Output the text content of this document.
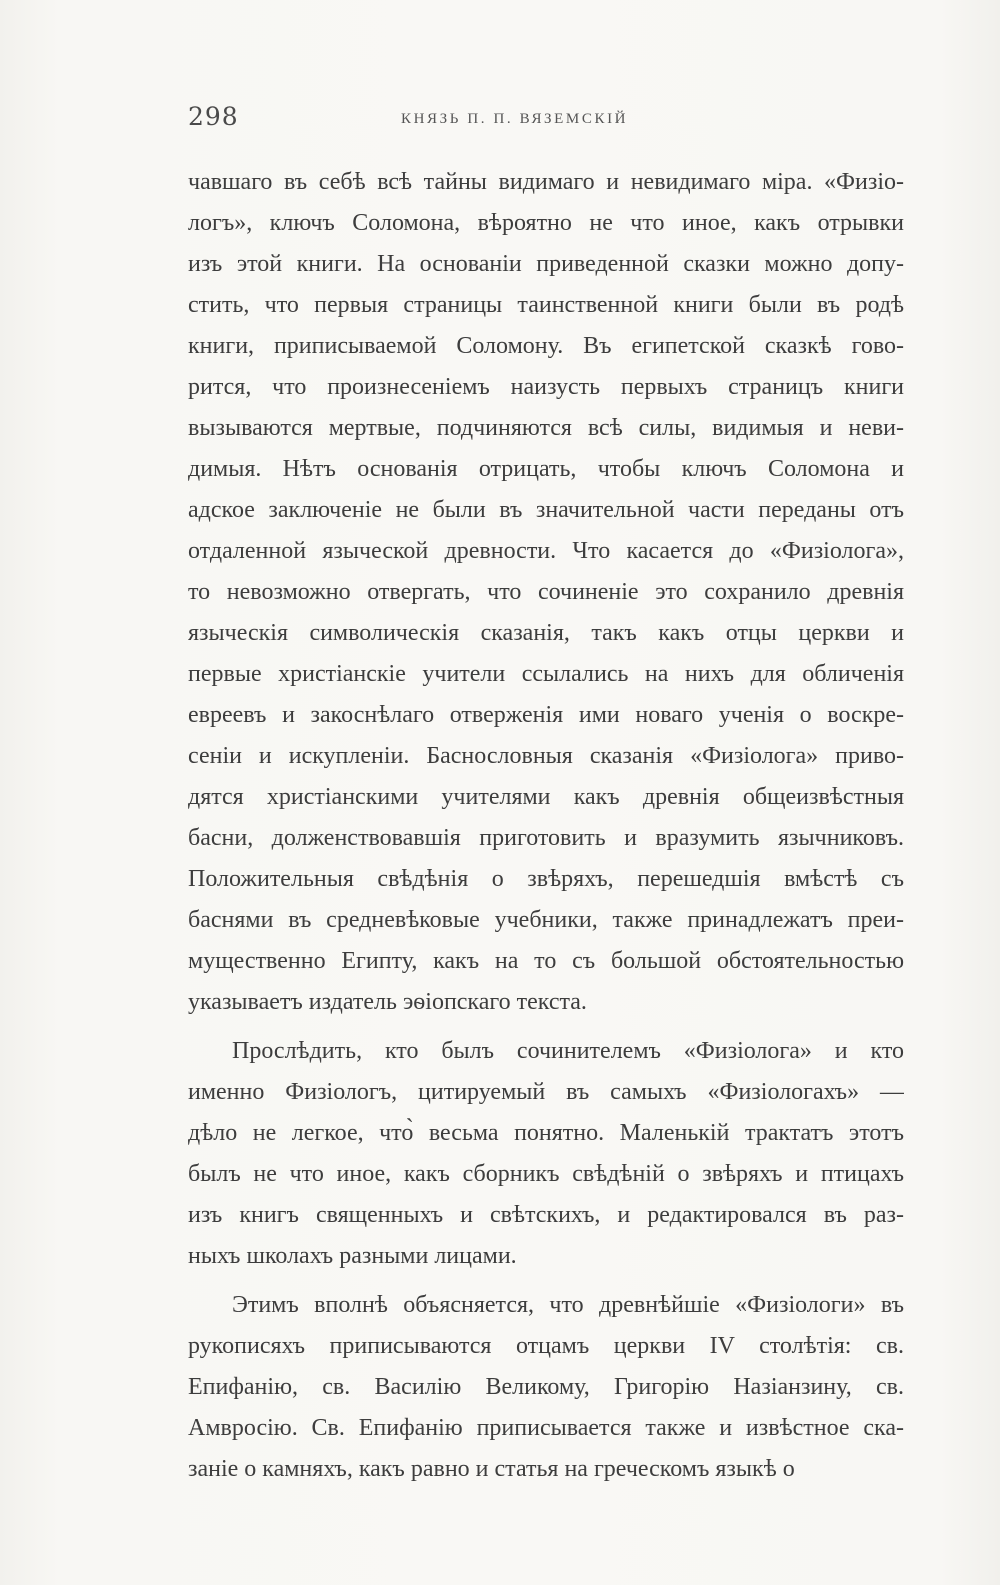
298	КНЯЗЬ П. П. ВЯЗЕМСКІЙ
чавшаго въ себѣ всѣ тайны видимаго и невидимаго міра. «Физіо-
логъ», ключъ Соломона, вѣроятно не что иное, какъ отрывки
изъ этой книги. На основаніи приведенной сказки можно допу-
стить, что первыя страницы таинственной книги были въ родѣ
книги, приписываемой Соломону. Въ египетской сказкѣ гово-
рится, что произнесеніемъ наизусть первыхъ страницъ книги
вызываются мертвые, подчиняются всѣ силы, видимыя и неви-
димыя. Нѣтъ основанія отрицать, чтобы ключъ Соломона и
адское заключеніе не были въ значительной части переданы отъ
отдаленной языческой древности. Что касается до «Физіолога»,
то невозможно отвергать, что сочиненіе это сохранило древнія
языческія символическія сказанія, такъ какъ отцы церкви и
первые христіанскіе учители ссылались на нихъ для обличенія
евреевъ и закоснѣлаго отверженія ими новаго ученія о воскре-
сеніи и искупленіи. Баснословныя сказанія «Физіолога» приво-
дятся христіанскими учителями какъ древнія общеизвѣстныя
басни, долженствовавшія приготовить и вразумить язычниковъ.
Положительныя свѣдѣнія о звѣряхъ, перешедшія вмѣстѣ съ
баснями въ средневѣковые учебники, также принадлежатъ преи-
мущественно Египту, какъ на то съ большой обстоятельностью
указываетъ издатель эѳіопскаго текста.
Прослѣдить, кто былъ сочинителемъ «Физіолога» и кто
именно Физіологъ, цитируемый въ самыхъ «Физіологахъ» —
дѣло не легкое, что̀ весьма понятно. Маленькій трактатъ этотъ
былъ не что иное, какъ сборникъ свѣдѣній о звѣряхъ и птицахъ
изъ книгъ священныхъ и свѣтскихъ, и редактировался въ раз-
ныхъ школахъ разными лицами.
Этимъ вполнѣ объясняется, что древнѣйшіе «Физіологи» въ
рукописяхъ приписываются отцамъ церкви IV столѣтія: св.
Епифанію, св. Василію Великому, Григорію Назіанзину, св.
Амвросію. Св. Епифанію приписывается также и извѣстное ска-
заніе о камняхъ, какъ равно и статья на греческомъ языкѣ о
